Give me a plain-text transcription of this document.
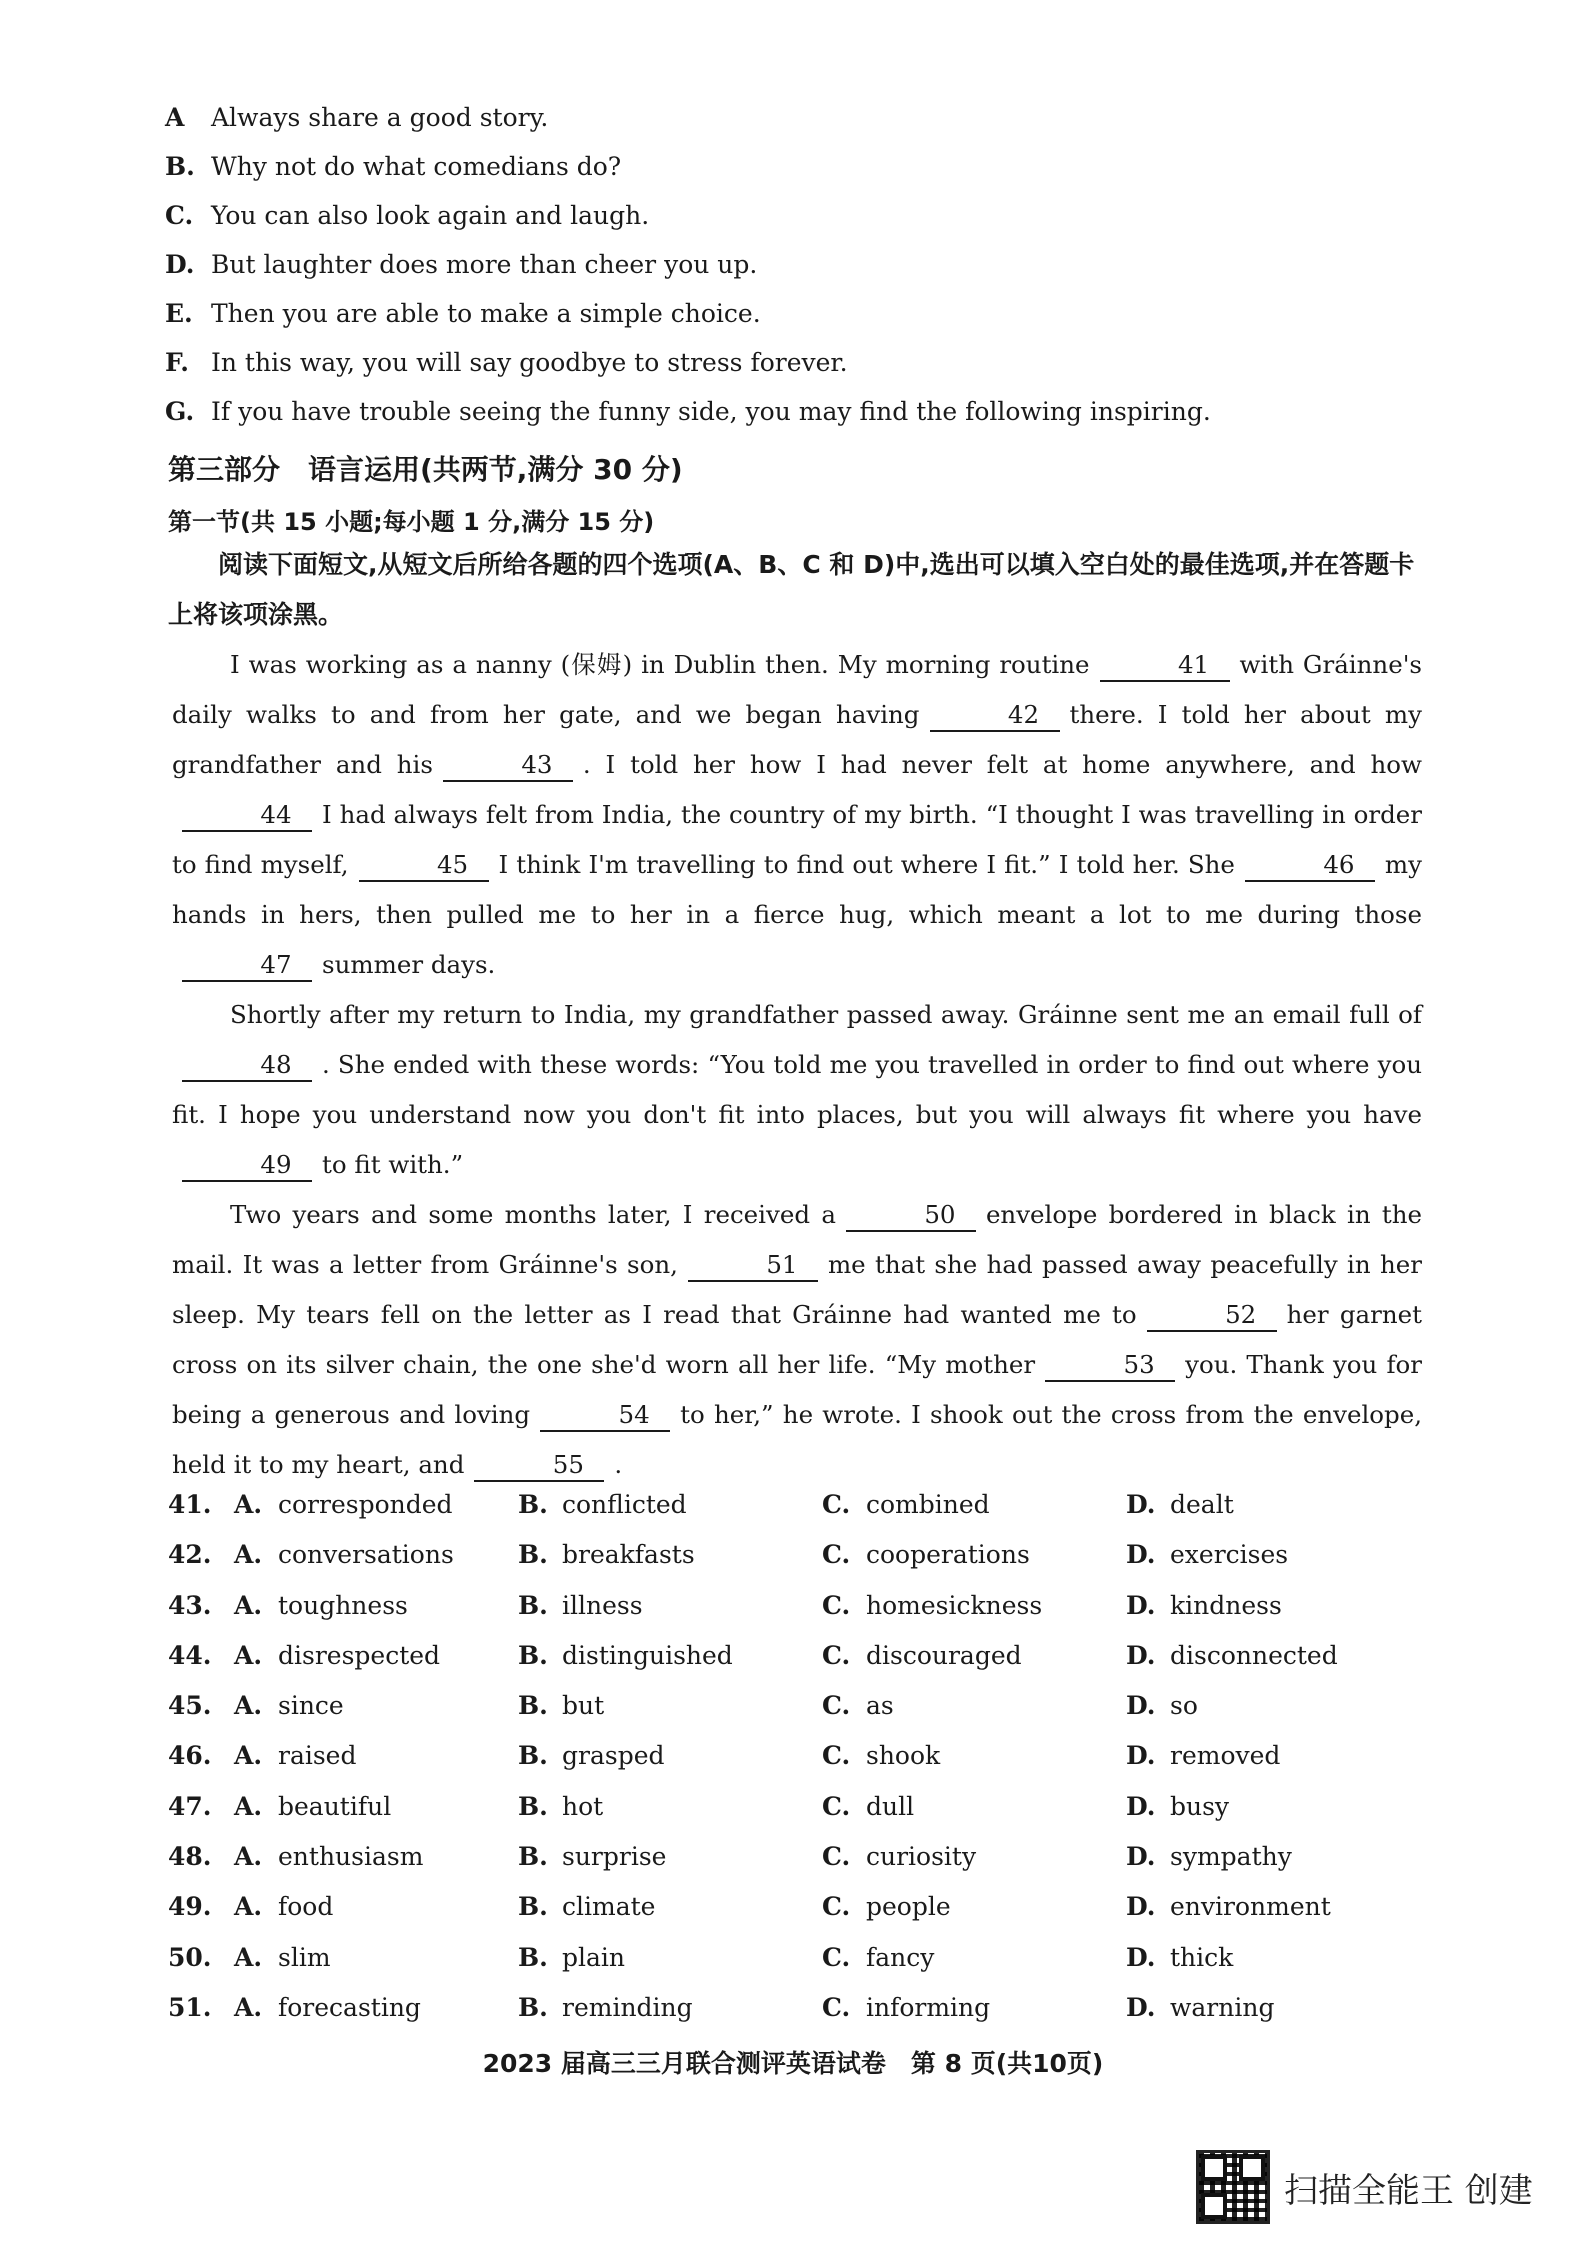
A Always share a good story.
B. Why not do what comedians do?
C. You can also look again and laugh.
D. But laughter does more than cheer you up.
E. Then you are able to make a simple choice.
F. In this way, you will say goodbye to stress forever.
G. If you have trouble seeing the funny side, you may find the following inspiring.
第三部分　语言运用(共两节,满分 30 分)
第一节(共 15 小题;每小题 1 分,满分 15 分)
阅读下面短文,从短文后所给各题的四个选项(A、B、C 和 D)中,选出可以填入空白处的最佳选项,并在答题卡上将该项涂黑。

I was working as a nanny (保姆) in Dublin then. My morning routine	41 with Gráinne's daily walks to and from her gate, and we began having	42 there. I told her about my grandfather and his	43 . I told her how I had never felt at home anywhere, and how44 I had always felt from India, the country of my birth. “I thought I was travelling in order to find myself,	45 I think I'm travelling to find out where I fit.” I told her. She	46 my hands in hers, then pulled me to her in a fierce hug, which meant a lot to me during those47 summer days.

Shortly after my return to India, my grandfather passed away. Gráinne sent me an email full of48 . She ended with these words: “You told me you travelled in order to find out where you fit. I hope you understand now you don't fit into places, but you will always fit where you have49 to fit with.”

Two years and some months later, I received a	50 envelope bordered in black in the mail. It was a letter from Gráinne's son,	51 me that she had passed away peacefully in her sleep. My tears fell on the letter as I read that Gráinne had wanted me to	52 her garnet cross on its silver chain, the one she'd worn all her life. “My mother	53 you. Thank you for being a generous and loving	54 to her,” he wrote. I shook out the cross from the envelope, held it to my heart, and	55 .

41. A. corresponded	B. conflicted	C. combined	D. dealt
42. A. conversations	B. breakfasts	C. cooperations	D. exercises
43. A. toughness	B. illness	C. homesickness	D. kindness
44. A. disrespected	B. distinguished	C. discouraged	D. disconnected
45. A. since	B. but	C. as	D. so
46. A. raised	B. grasped	C. shook	D. removed
47. A. beautiful	B. hot	C. dull	D. busy
48. A. enthusiasm	B. surprise	C. curiosity	D. sympathy
49. A. food	B. climate	C. people	D. environment
50. A. slim	B. plain	C. fancy	D. thick
51. A. forecasting	B. reminding	C. informing	D. warning
2023 届高三三月联合测评英语试卷　第 8 页(共10页)
扫描全能王 创建
